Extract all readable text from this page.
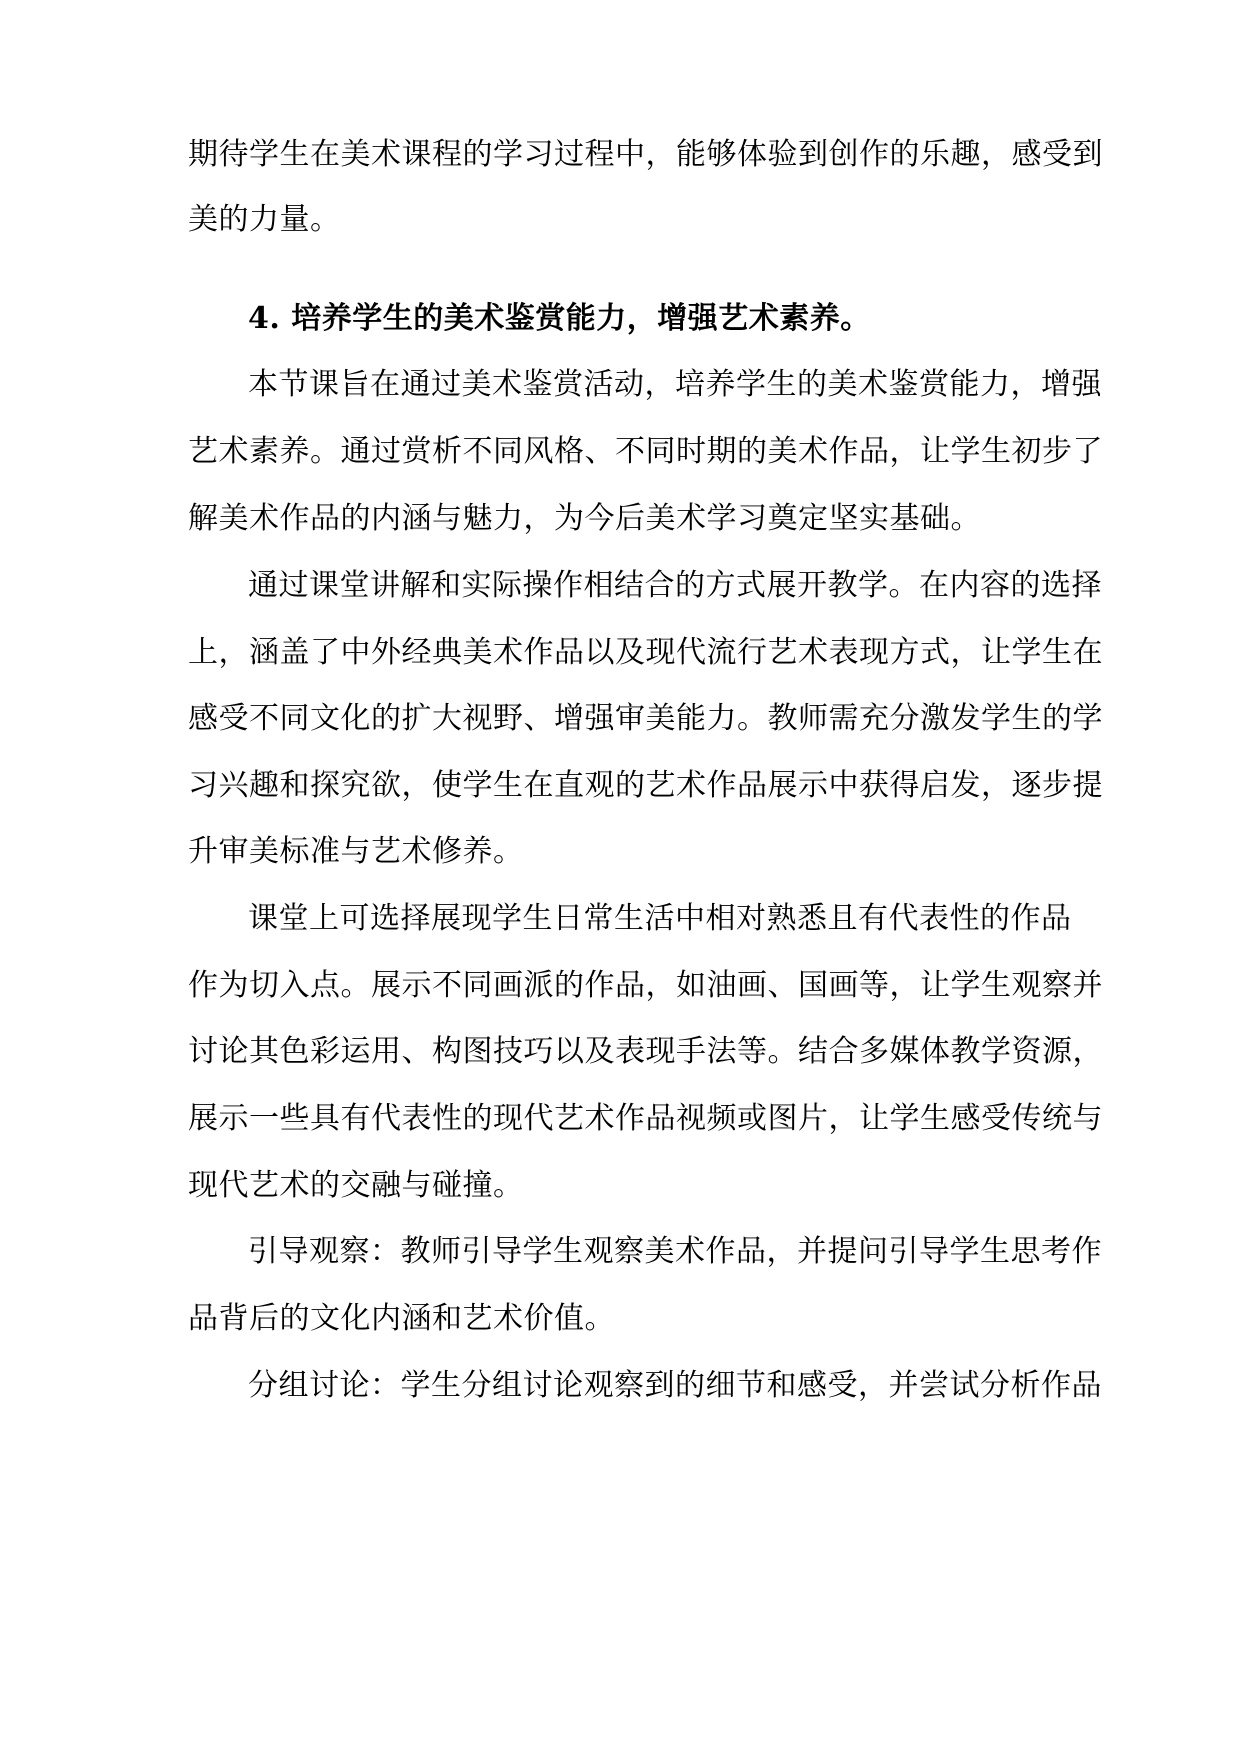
期待学生在美术课程的学习过程中，能够体验到创作的乐趣，感受到
美的力量。
4. 培养学生的美术鉴赏能力，增强艺术素养。
本节课旨在通过美术鉴赏活动，培养学生的美术鉴赏能力，增强
艺术素养。通过赏析不同风格、不同时期的美术作品，让学生初步了
解美术作品的内涵与魅力，为今后美术学习奠定坚实基础。
通过课堂讲解和实际操作相结合的方式展开教学。在内容的选择
上，涵盖了中外经典美术作品以及现代流行艺术表现方式，让学生在
感受不同文化的扩大视野、增强审美能力。教师需充分激发学生的学
习兴趣和探究欲，使学生在直观的艺术作品展示中获得启发，逐步提
升审美标准与艺术修养。
课堂上可选择展现学生日常生活中相对熟悉且有代表性的作品
作为切入点。展示不同画派的作品，如油画、国画等，让学生观察并
讨论其色彩运用、构图技巧以及表现手法等。结合多媒体教学资源，
展示一些具有代表性的现代艺术作品视频或图片，让学生感受传统与
现代艺术的交融与碰撞。
引导观察：教师引导学生观察美术作品，并提问引导学生思考作
品背后的文化内涵和艺术价值。
分组讨论：学生分组讨论观察到的细节和感受，并尝试分析作品
